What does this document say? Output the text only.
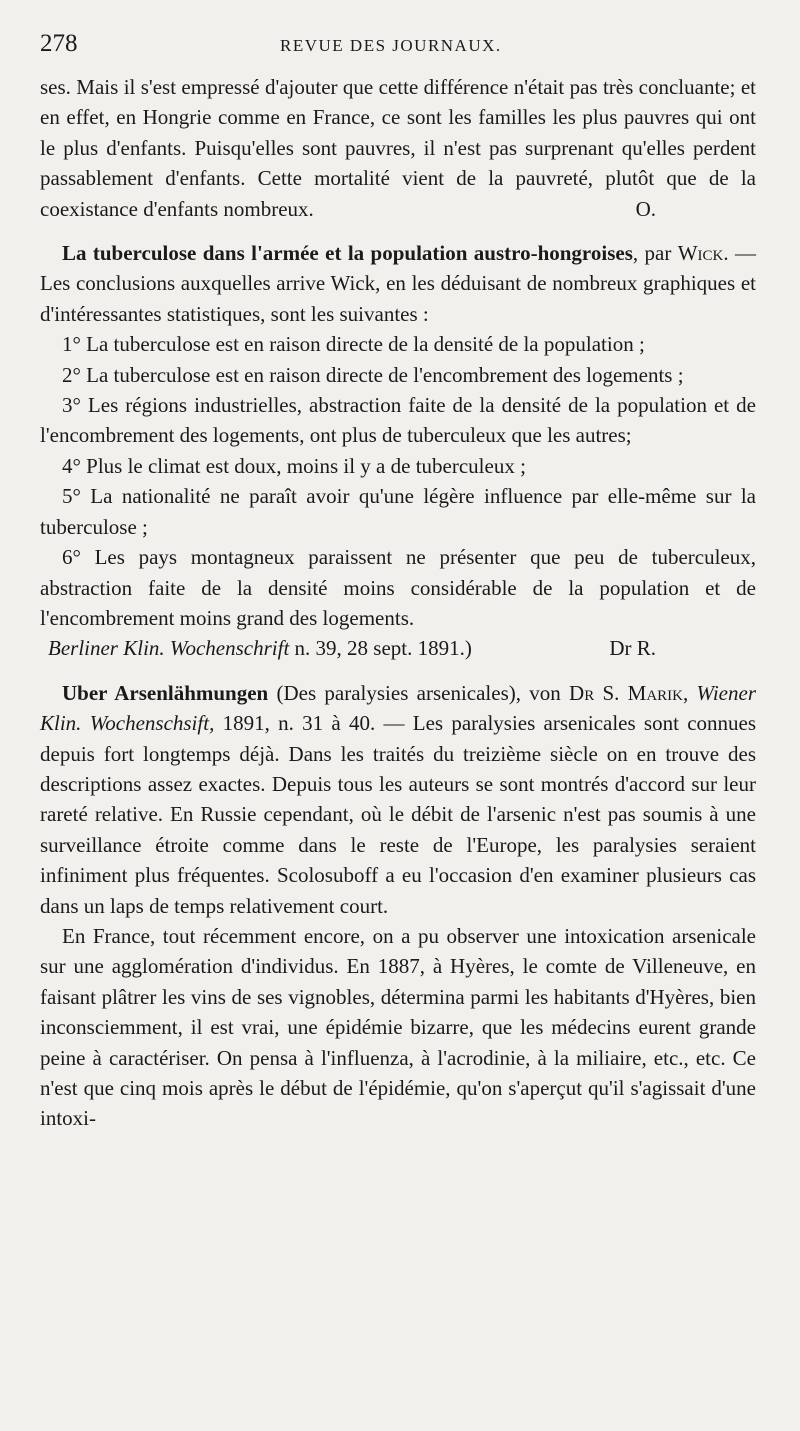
278	REVUE DES JOURNAUX.

ses. Mais il s'est empressé d'ajouter que cette différence n'était pas très concluante; et en effet, en Hongrie comme en France, ce sont les familles les plus pauvres qui ont le plus d'enfants. Puisqu'elles sont pauvres, il n'est pas surprenant qu'elles perdent passablement d'enfants. Cette mortalité vient de la pauvreté, plutôt que de la coexistance d'enfants nombreux.	O.

La tuberculose dans l'armée et la population austro-hongroises, par Wick. — Les conclusions auxquelles arrive Wick, en les déduisant de nombreux graphiques et d'intéressantes statistiques, sont les suivantes :

1° La tuberculose est en raison directe de la densité de la population ;

2° La tuberculose est en raison directe de l'encombrement des logements ;

3° Les régions industrielles, abstraction faite de la densité de la population et de l'encombrement des logements, ont plus de tuberculeux que les autres;

4° Plus le climat est doux, moins il y a de tuberculeux ;

5° La nationalité ne paraît avoir qu'une légère influence par elle-même sur la tuberculose ;

6° Les pays montagneux paraissent ne présenter que peu de tuberculeux, abstraction faite de la densité moins considérable de la population et de l'encombrement moins grand des logements.

Berliner Klin. Wochenschrift n. 39, 28 sept. 1891.)	Dr R.

Uber Arsenlähmungen (Des paralysies arsenicales), von Dr S. Marik, Wiener Klin. Wochenschsift, 1891, n. 31 à 40. — Les paralysies arsenicales sont connues depuis fort longtemps déjà. Dans les traités du treizième siècle on en trouve des descriptions assez exactes. Depuis tous les auteurs se sont montrés d'accord sur leur rareté relative. En Russie cependant, où le débit de l'arsenic n'est pas soumis à une surveillance étroite comme dans le reste de l'Europe, les paralysies seraient infiniment plus fréquentes. Scolosuboff a eu l'occasion d'en examiner plusieurs cas dans un laps de temps relativement court.

En France, tout récemment encore, on a pu observer une intoxication arsenicale sur une agglomération d'individus. En 1887, à Hyères, le comte de Villeneuve, en faisant plâtrer les vins de ses vignobles, détermina parmi les habitants d'Hyères, bien inconsciemment, il est vrai, une épidémie bizarre, que les médecins eurent grande peine à caractériser. On pensa à l'influenza, à l'acrodinie, à la miliaire, etc., etc. Ce n'est que cinq mois après le début de l'épidémie, qu'on s'aperçut qu'il s'agissait d'une intoxi-
